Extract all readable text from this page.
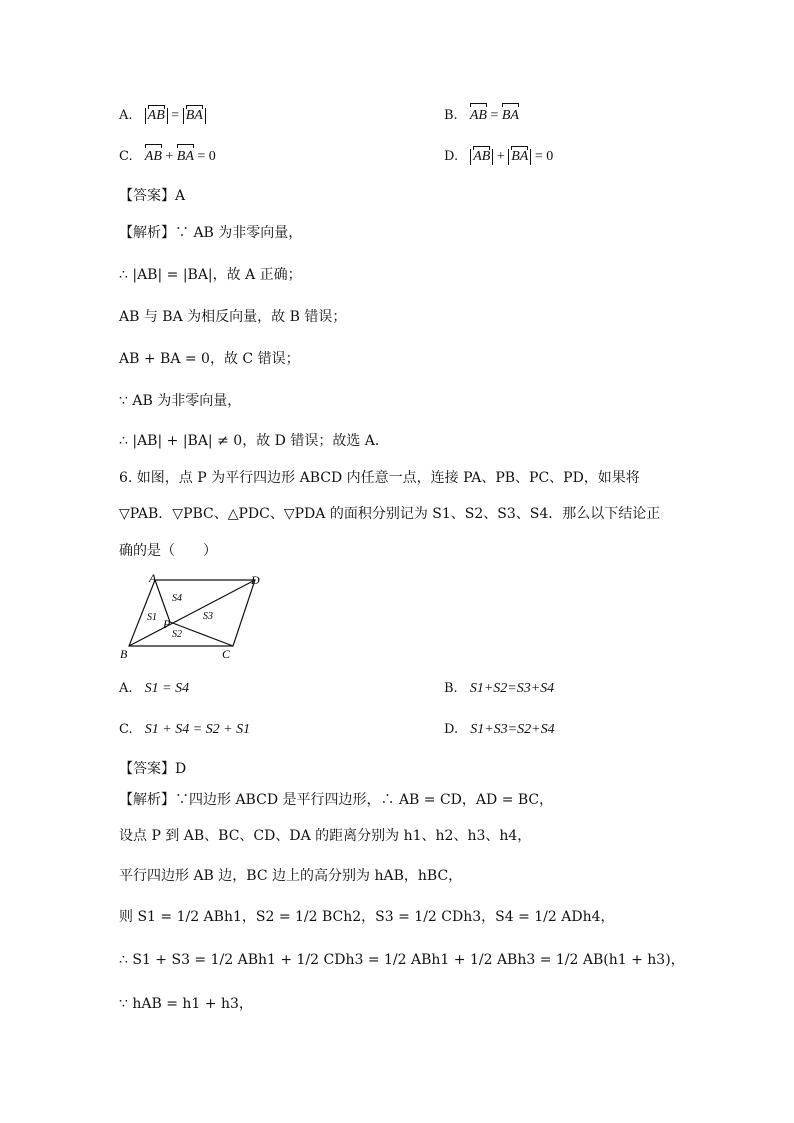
A. AB = BA	B. AB = BA
C. AB + BA = 0	D. AB + BA = 0
【答案】A
【解析】∵ AB 为非零向量，
∴ |AB| = |BA|，故 A 正确；
AB 与 BA 为相反向量，故 B 错误；
AB + BA = 0，故 C 错误；
∵ AB 为非零向量，
∴ |AB| + |BA| ≠ 0，故 D 错误；故选 A．
6. 如图，点 P 为平行四边形 ABCD 内任意一点，连接 PA、PB、PC、PD，如果将
▽PAB．▽PBC、△PDC、▽PDA 的面积分别记为 S1、S2、S3、S4．那么以下结论正
确的是（　　）
A	D
B	C
P
S4
S1	S3
S2
A. S1 = S4	B. S1+S2=S3+S4
C. S1 + S4 = S2 + S1	D. S1+S3=S2+S4
【答案】D
【解析】∵四边形 ABCD 是平行四边形，∴ AB = CD，AD = BC，
设点 P 到 AB、BC、CD、DA 的距离分别为 h1、h2、h3、h4，
平行四边形 AB 边，BC 边上的高分别为 hAB，hBC，
则 S1 = 1/2 ABh1，S2 = 1/2 BCh2，S3 = 1/2 CDh3，S4 = 1/2 ADh4，
∴ S1 + S3 = 1/2 ABh1 + 1/2 CDh3 = 1/2 ABh1 + 1/2 ABh3 = 1/2 AB(h1 + h3)，
∵ hAB = h1 + h3，
